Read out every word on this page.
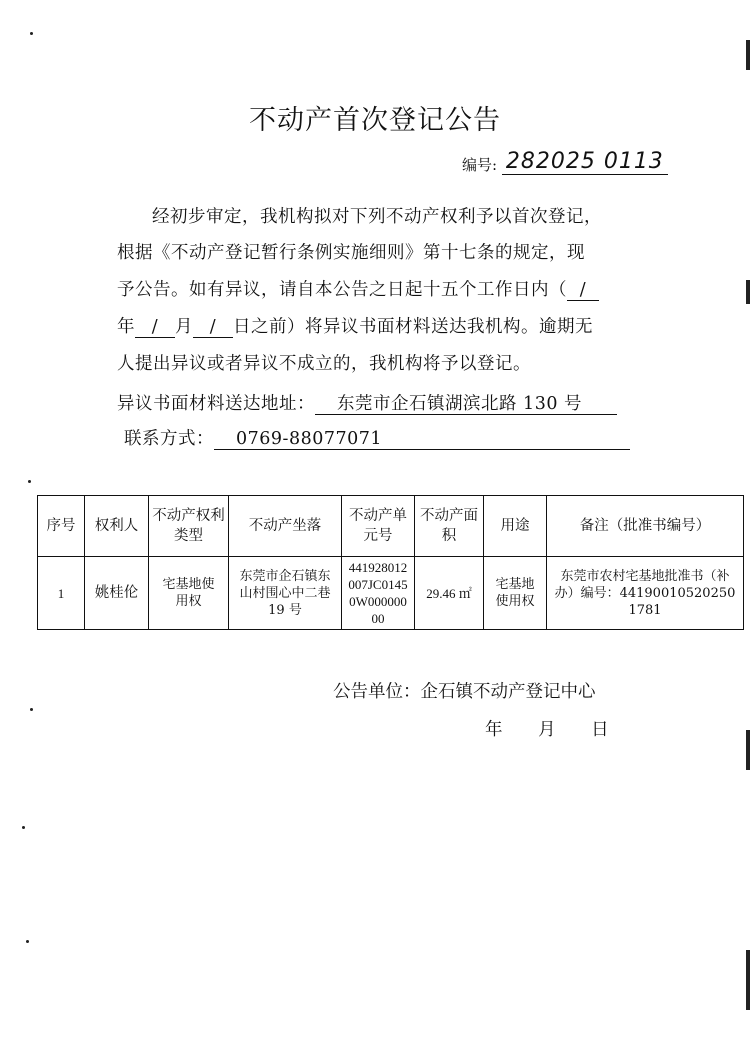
不动产首次登记公告
编号: 282025 0113
经初步审定，我机构拟对下列不动产权利予以首次登记，
根据《不动产登记暂行条例实施细则》第十七条的规定，现
予公告。如有异议，请自本公告之日起十五个工作日内（ /
年 / 月 / 日之前）将异议书面材料送达我机构。逾期无
人提出异议或者异议不成立的，我机构将予以登记。
异议书面材料送达地址： 东莞市企石镇湖滨北路 130 号
联系方式： 0769-88077071
序号	权利人	不动产权利类型	不动产坐落	不动产单元号	不动产面积	用途	备注（批准书编号）
1	姚桂伦	宅基地使用权	东莞市企石镇东山村围心中二巷 19 号	441928012007JC01450W00000000	29.46 ㎡	宅基地使用权	东莞市农村宅基地批准书（补办）编号：441900105202501781
公告单位：企石镇不动产登记中心
年 月 日
